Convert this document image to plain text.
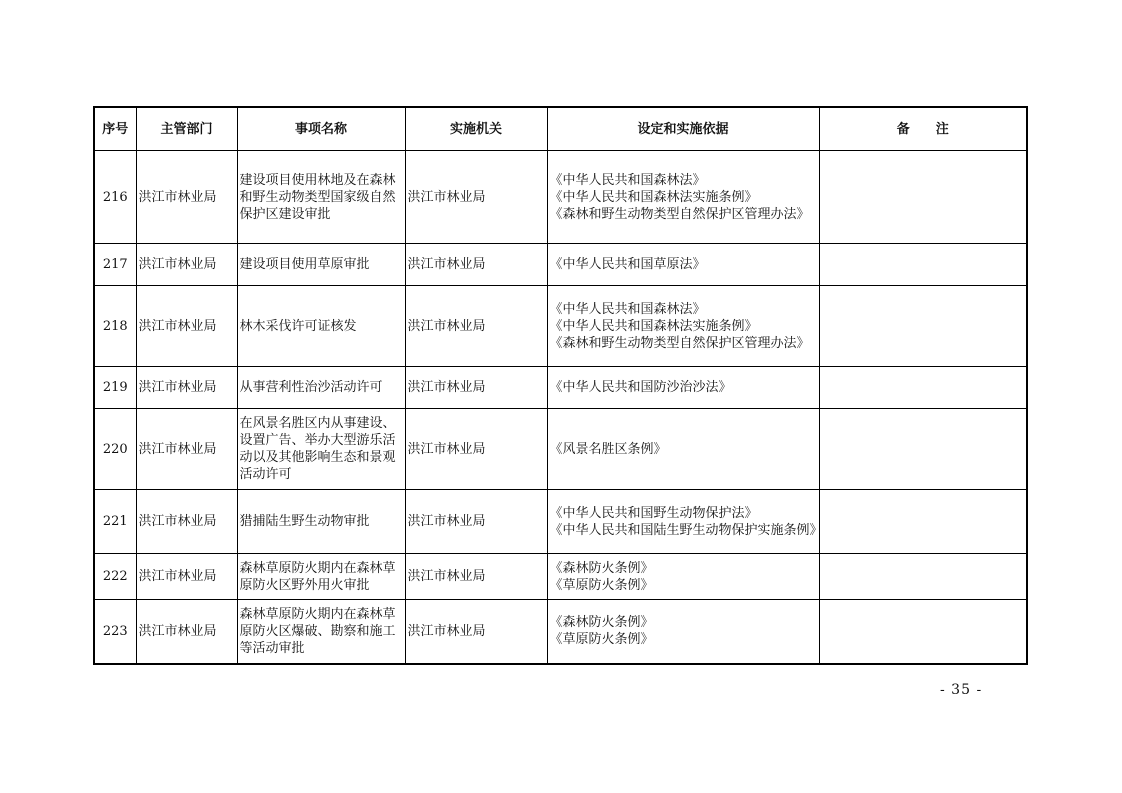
序号	主管部门	事项名称	实施机关	设定和实施依据	备 注
216	洪江市林业局	建设项目使用林地及在森林和野生动物类型国家级自然保护区建设审批	洪江市林业局	《中华人民共和国森林法》
《中华人民共和国森林法实施条例》
《森林和野生动物类型自然保护区管理办法》	

217	洪江市林业局	建设项目使用草原审批	洪江市林业局	《中华人民共和国草原法》	

218	洪江市林业局	林木采伐许可证核发	洪江市林业局	《中华人民共和国森林法》
《中华人民共和国森林法实施条例》
《森林和野生动物类型自然保护区管理办法》	

219	洪江市林业局	从事营利性治沙活动许可	洪江市林业局	《中华人民共和国防沙治沙法》	

220	洪江市林业局	在风景名胜区内从事建设、设置广告、举办大型游乐活动以及其他影响生态和景观活动许可	洪江市林业局	《风景名胜区条例》	

221	洪江市林业局	猎捕陆生野生动物审批	洪江市林业局	《中华人民共和国野生动物保护法》
《中华人民共和国陆生野生动物保护实施条例》	

222	洪江市林业局	森林草原防火期内在森林草原防火区野外用火审批	洪江市林业局	《森林防火条例》
《草原防火条例》	

223	洪江市林业局	森林草原防火期内在森林草原防火区爆破、勘察和施工等活动审批	洪江市林业局	《森林防火条例》
《草原防火条例》	

- 35 -
